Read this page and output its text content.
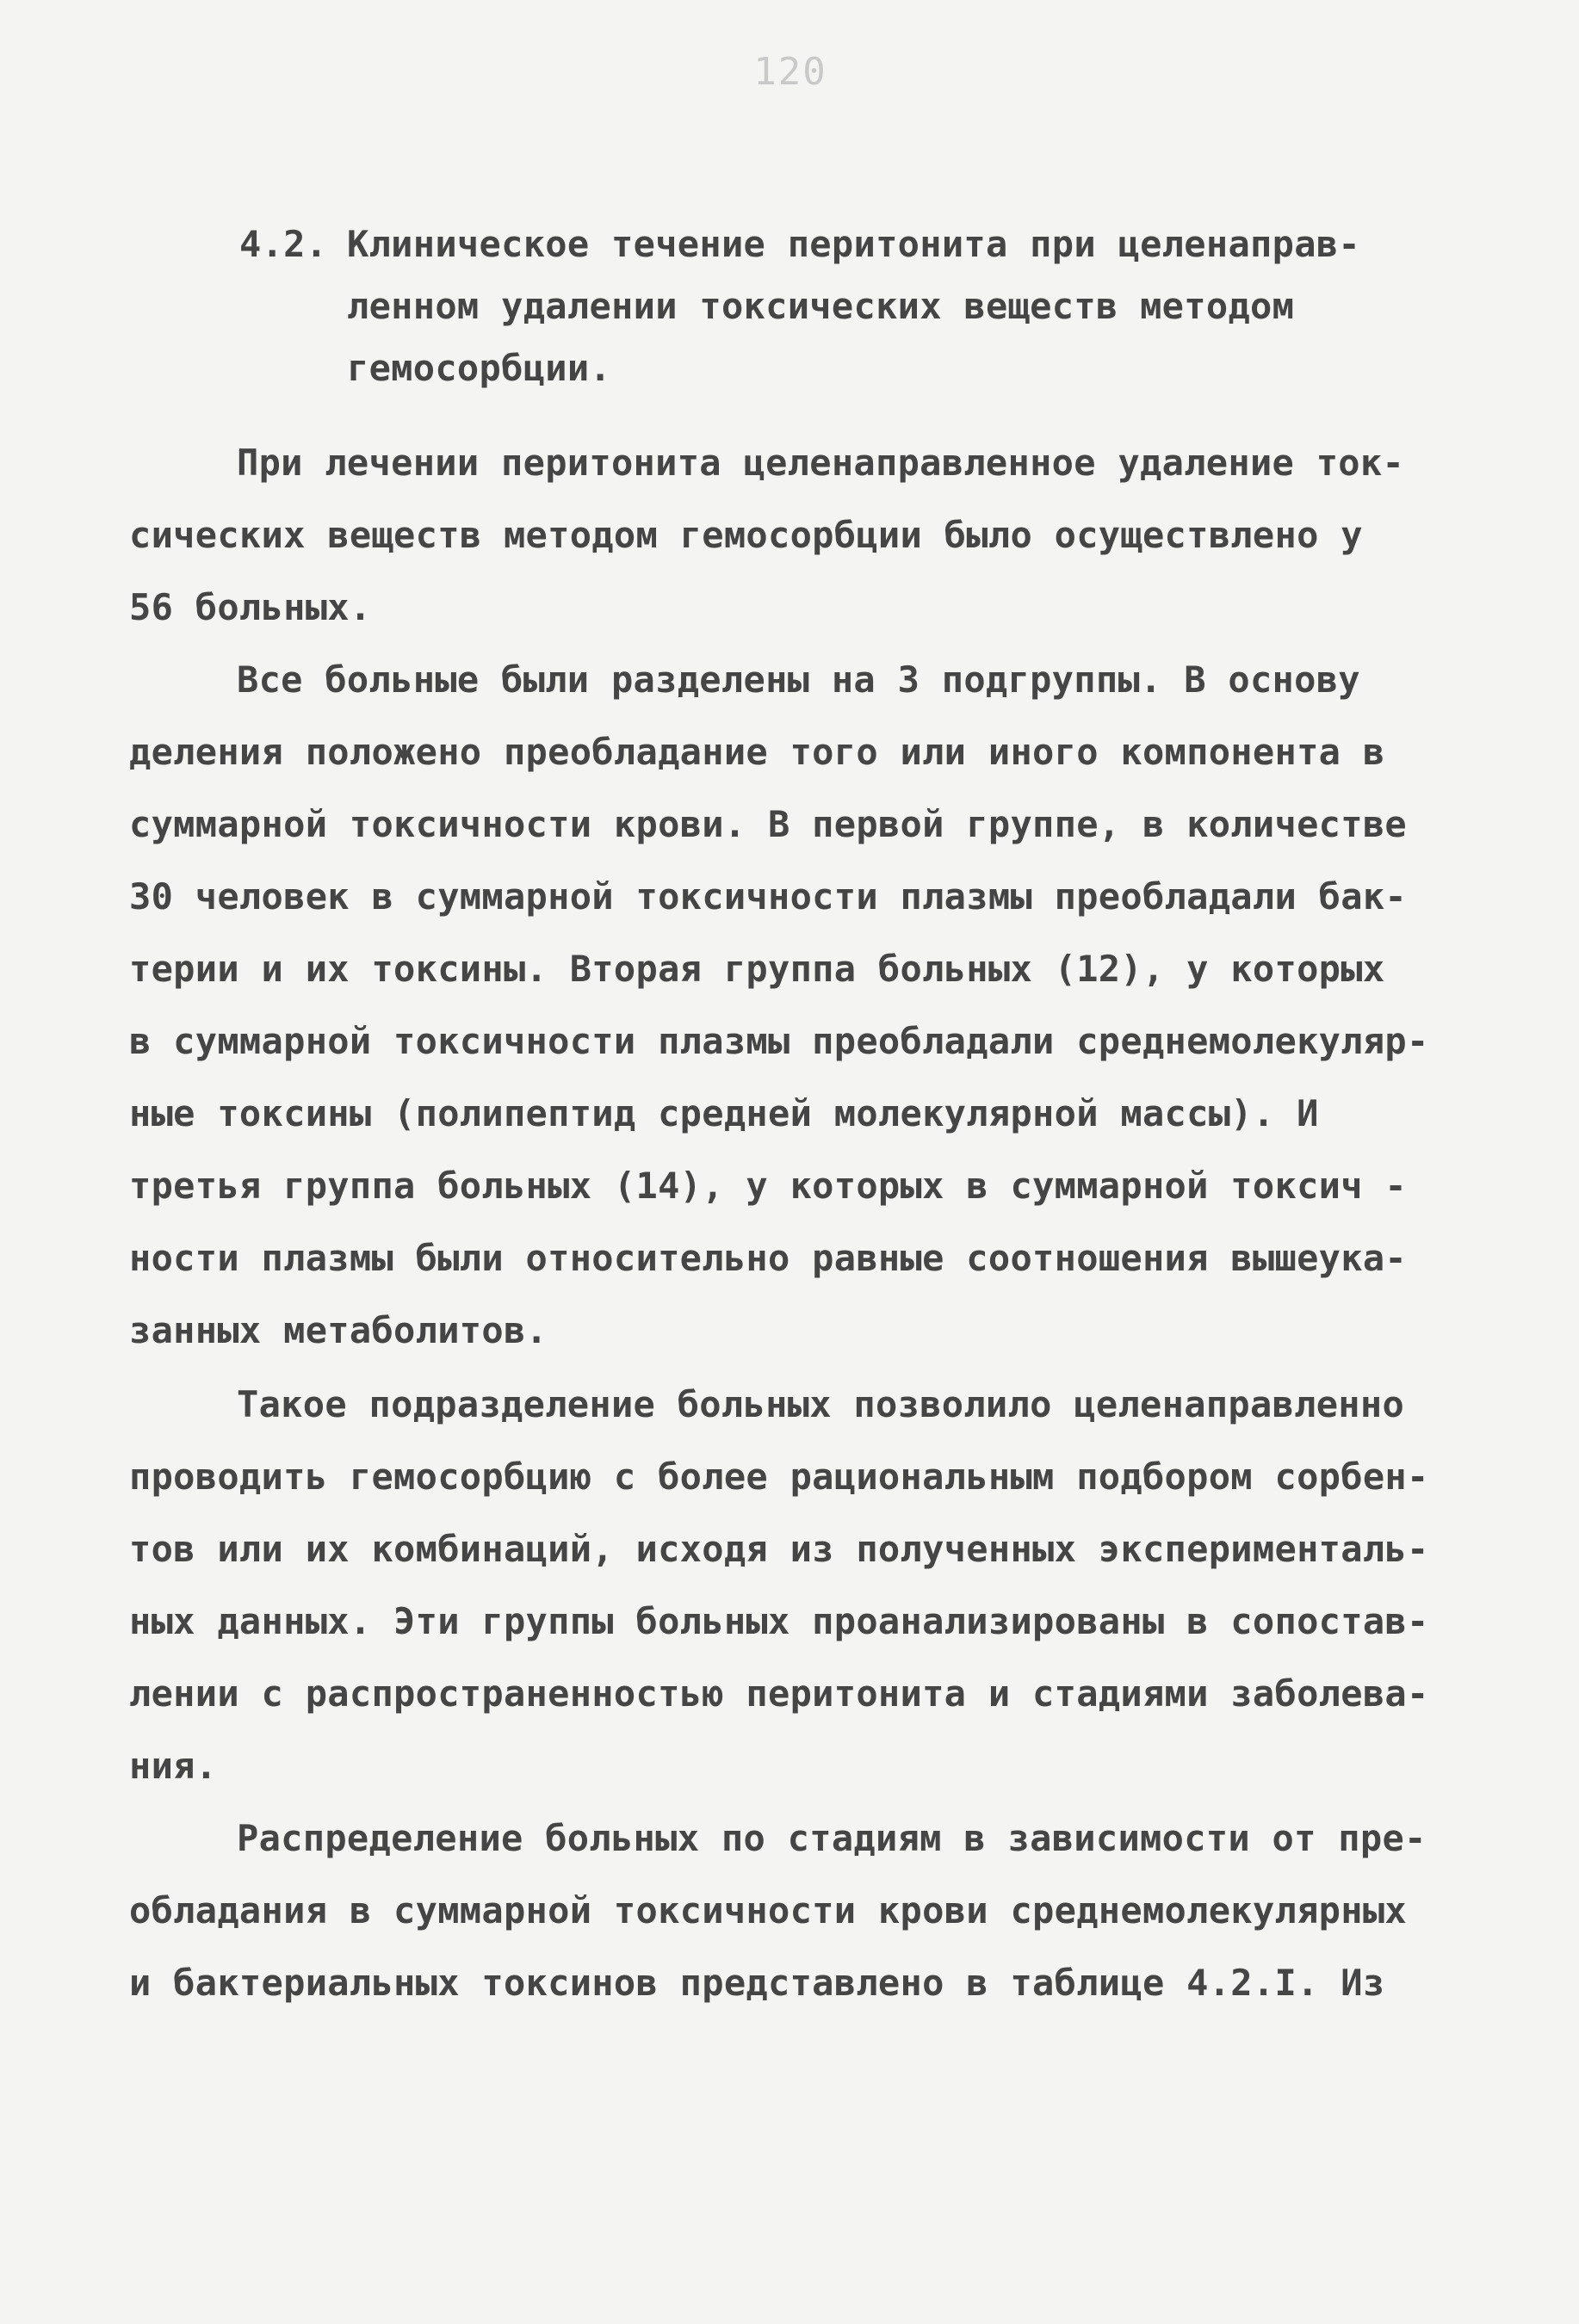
120
4.2. Клиническое течение перитонита при целенаправ-
ленном удалении токсических веществ методом
гемосорбции.
При лечении перитонита целенаправленное удаление ток-
сических веществ методом гемосорбции было осуществлено у
56 больных.
Все больные были разделены на 3 подгруппы. В основу
деления положено преобладание того или иного компонента в
суммарной токсичности крови. В первой группе, в количестве
30 человек в суммарной токсичности плазмы преобладали бак-
терии и их токсины. Вторая группа больных (12), у которых
в суммарной токсичности плазмы преобладали среднемолекуляр-
ные токсины (полипептид средней молекулярной массы). И
третья группа больных (14), у которых в суммарной токсич -
ности плазмы были относительно равные соотношения вышеука-
занных метаболитов.
Такое подразделение больных позволило целенаправленно
проводить гемосорбцию с более рациональным подбором сорбен-
тов или их комбинаций, исходя из полученных эксперименталь-
ных данных. Эти группы больных проанализированы в сопостав-
лении с распространенностью перитонита и стадиями заболева-
ния.
Распределение больных по стадиям в зависимости от пре-
обладания в суммарной токсичности крови среднемолекулярных
и бактериальных токсинов представлено в таблице 4.2.I. Из
